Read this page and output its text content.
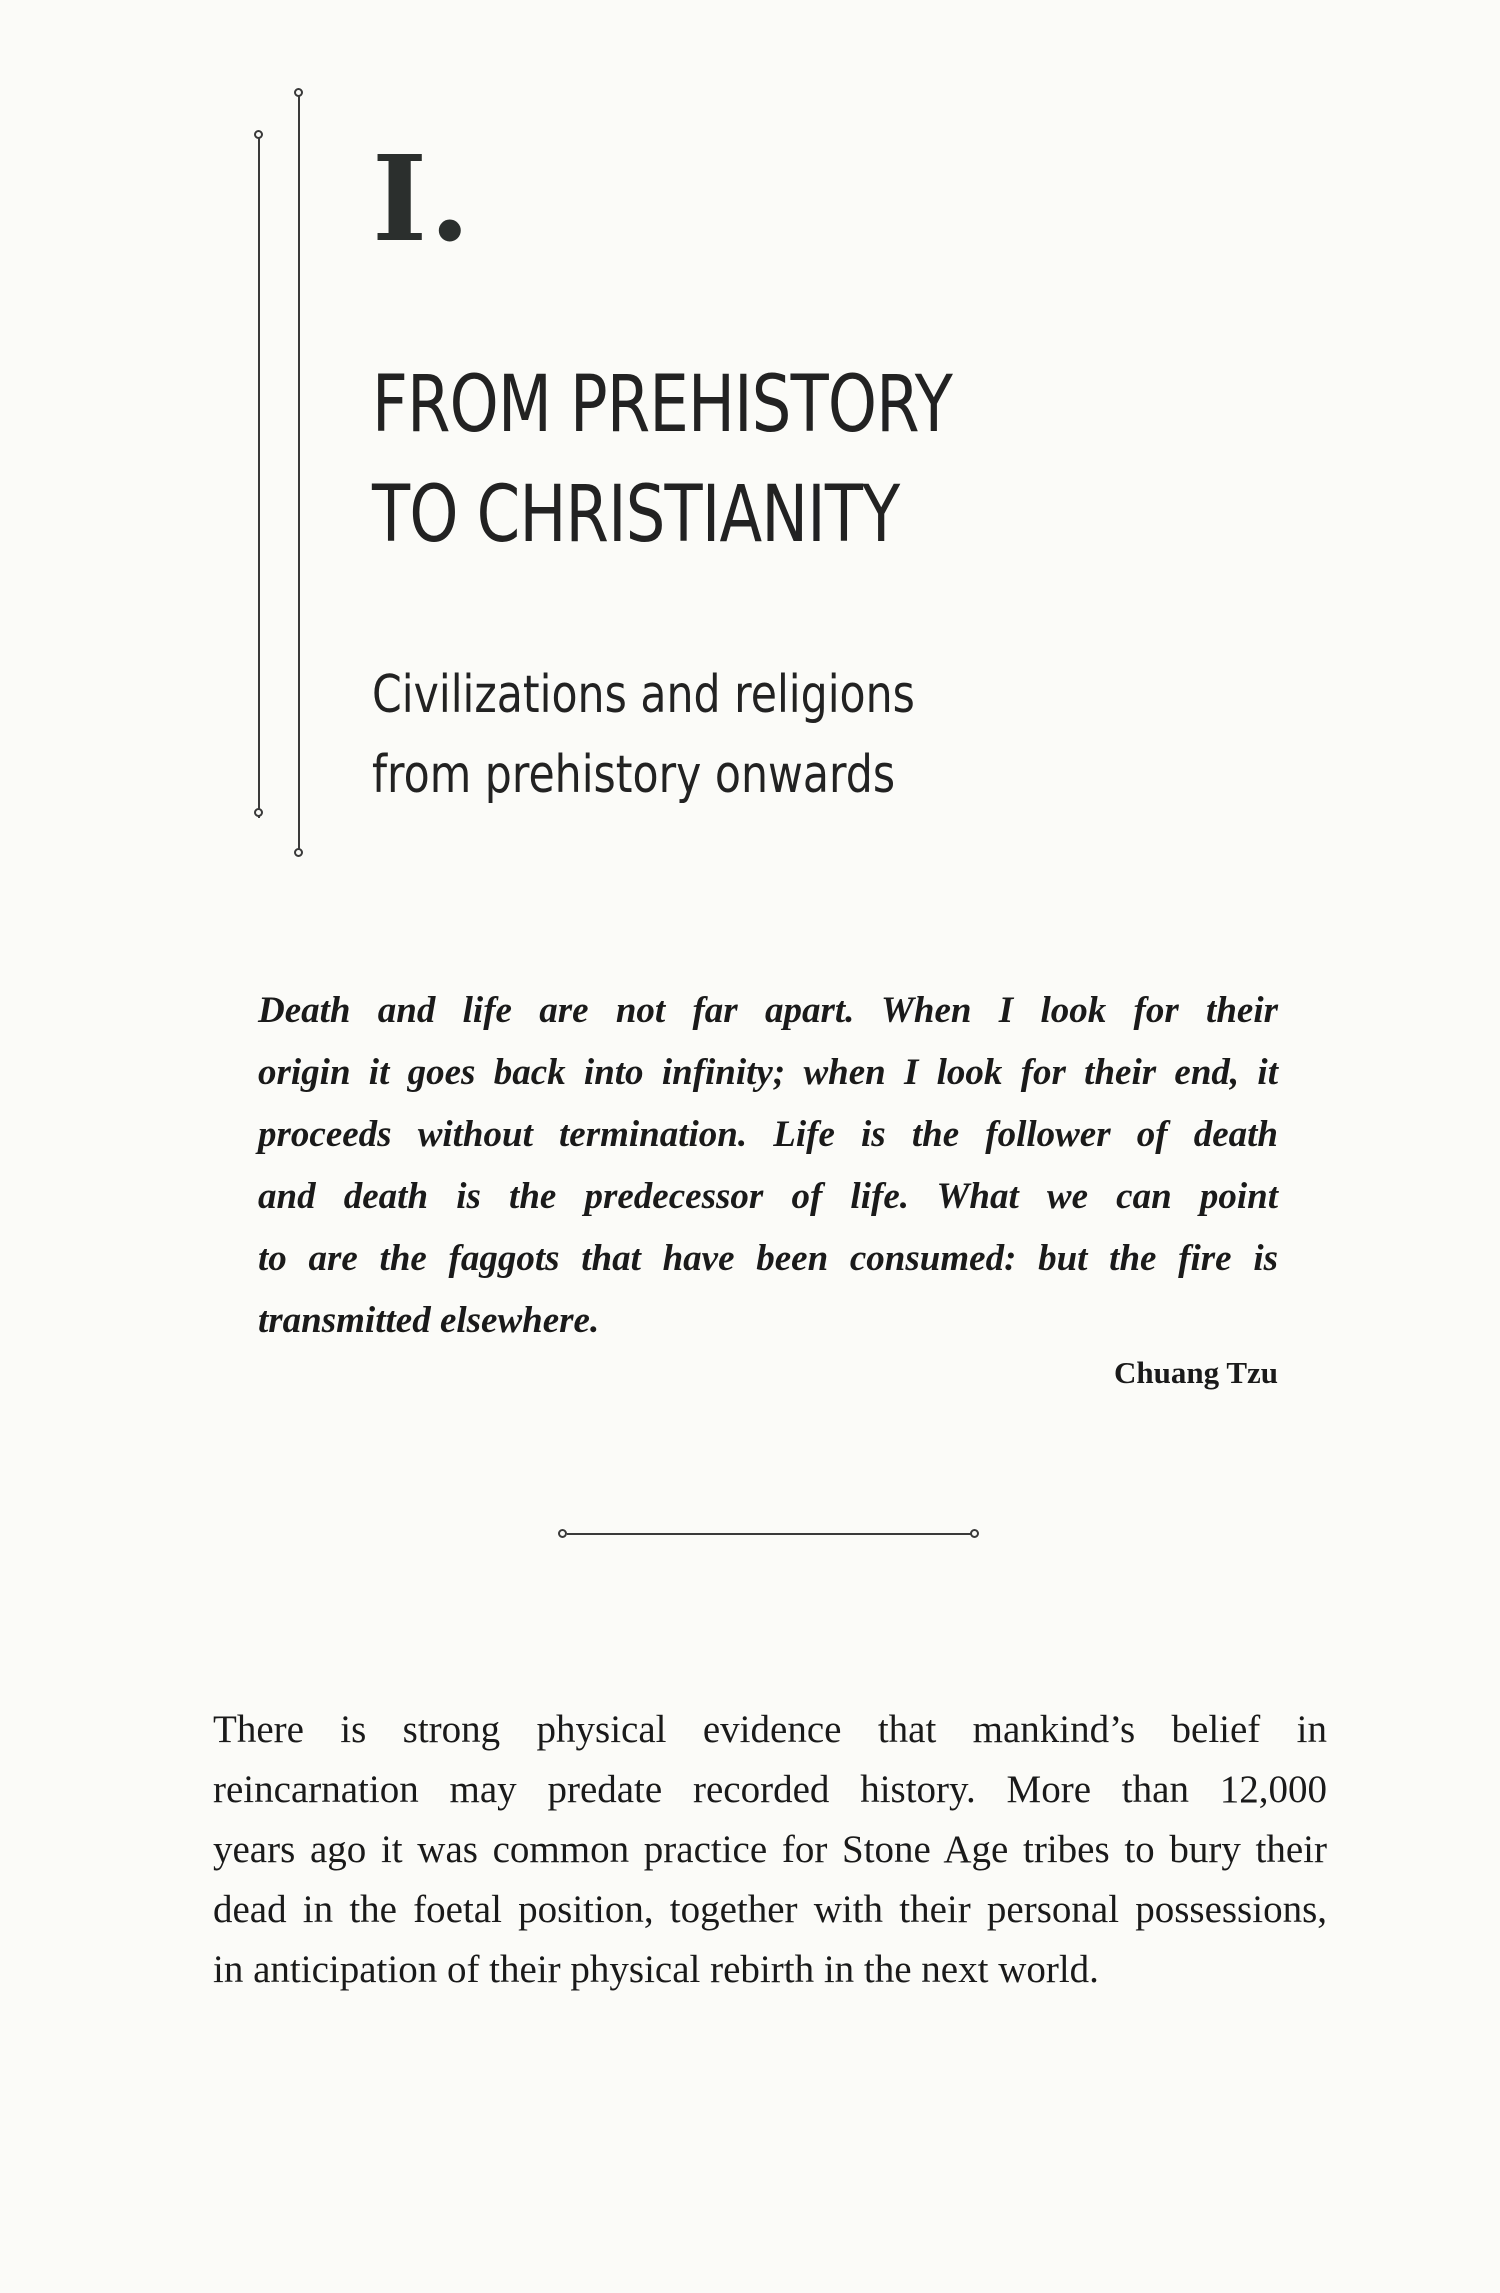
I.
FROM PREHISTORY
TO CHRISTIANITY
Civilizations and religions
from prehistory onwards
Death and life are not far apart. When I look for their
origin it goes back into infinity; when I look for their end, it
proceeds without termination. Life is the follower of death
and death is the predecessor of life. What we can point
to are the faggots that have been consumed: but the fire is
transmitted elsewhere.
Chuang Tzu
There is strong physical evidence that mankind’s belief in
reincarnation may predate recorded history. More than 12,000
years ago it was common practice for Stone Age tribes to bury their
dead in the foetal position, together with their personal possessions,
in anticipation of their physical rebirth in the next world.
